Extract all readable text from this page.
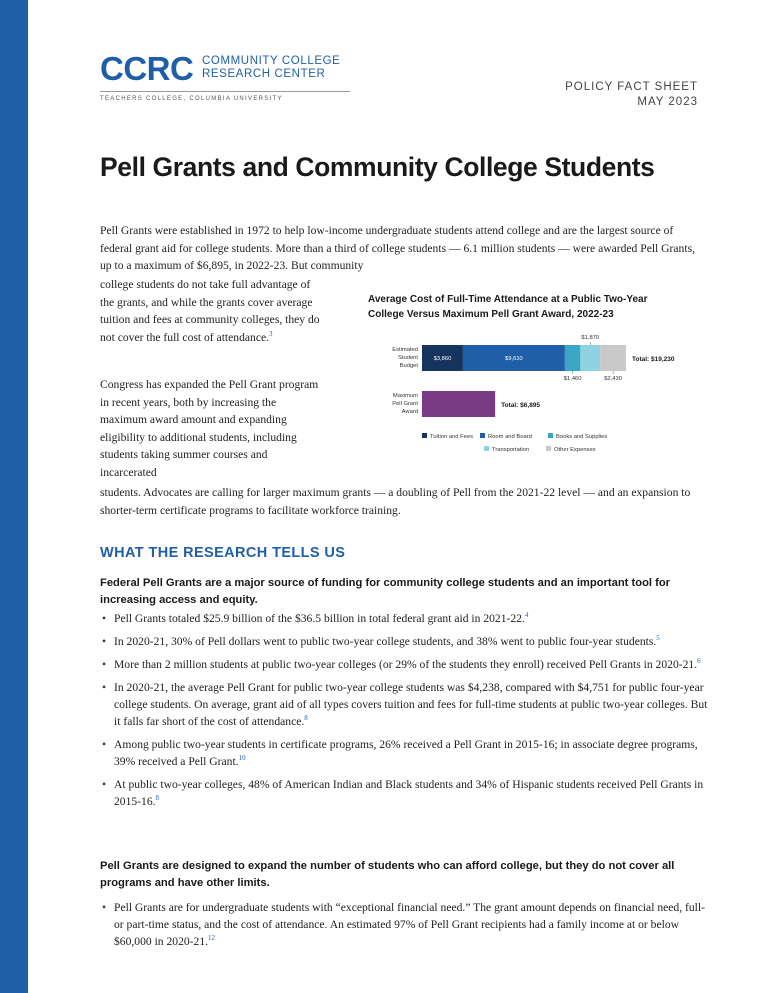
CCRC COMMUNITY COLLEGE
RESEARCH CENTER
TEACHERS COLLEGE, COLUMBIA UNIVERSITY
POLICY FACT SHEET
MAY 2023
Pell Grants and Community College Students
Pell Grants were established in 1972 to help low-income undergraduate students attend college and are the largest source of federal grant aid for college students. More than a third of college students — 6.1 million students — were awarded Pell Grants, up to a maximum of $6,895, in 2022-23. But community
college students do not take full advantage of the grants, and while the grants cover average tuition and fees at community colleges, they do not cover the full cost of attendance.$^3$
Congress has expanded the Pell Grant program in recent years, both by increasing the maximum award amount and expanding eligibility to additional students, including students taking summer courses and incarcerated
students. Advocates are calling for larger maximum grants — a doubling of Pell from the 2021-22 level — and an expansion to shorter-term certificate programs to facilitate workforce training.
Average Cost of Full-Time Attendance at a Public Two-Year
College Versus Maximum Pell Grant Award, 2022-23
Estimated
Student
Budget
Maximum
Pell Grant
Award
$3,860	$9,610
$1,460
$1,870
$2,430
Total: $19,230
Total: $6,895
Tuition and Fees	Room and Board	Books and Supplies
Transportation	Other Expenses
WHAT THE RESEARCH TELLS US
Federal Pell Grants are a major source of funding for community college students and an important tool for increasing access and equity.
• Pell Grants totaled $25.9 billion of the $36.5 billion in total federal grant aid in 2021-22.$^4$
• In 2020-21, 30% of Pell dollars went to public two-year college students, and 38% went to public four-year students.$^5$
• More than 2 million students at public two-year colleges (or 29% of the students they enroll) received Pell Grants in 2020-21.$^6$
• In 2020-21, the average Pell Grant for public two-year college students was $4,238, compared with $4,751 for public four-year college students. On average, grant aid of all types covers tuition and fees for full-time students at public two-year colleges. But it falls far short of the cost of attendance.$^8$
• Among public two-year students in certificate programs, 26% received a Pell Grant in 2015-16; in associate degree programs, 39% received a Pell Grant.$^{10}$
• At public two-year colleges, 48% of American Indian and Black students and 34% of Hispanic students received Pell Grants in 2015-16.$^8$
Pell Grants are designed to expand the number of students who can afford college, but they do not cover all programs and have other limits.
• Pell Grants are for undergraduate students with “exceptional financial need.” The grant amount depends on financial need, full- or part-time status, and the cost of attendance. An estimated 97% of Pell Grant recipients had a family income at or below $60,000 in 2020-21.12
